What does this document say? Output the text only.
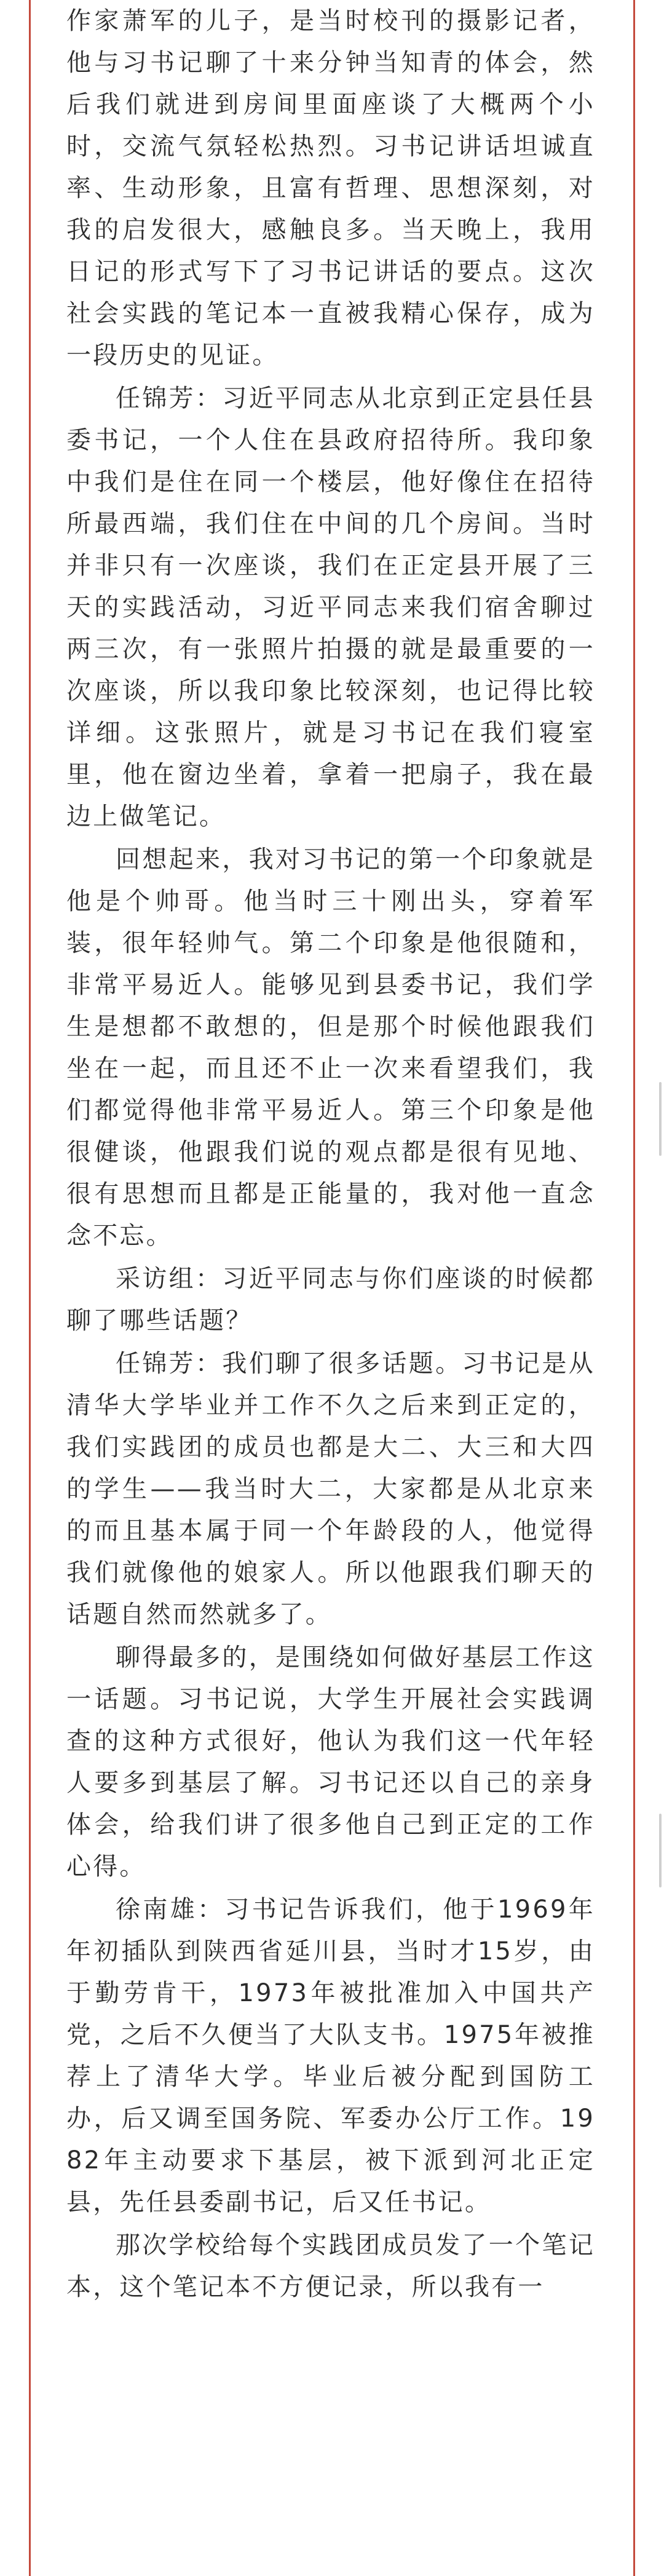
作家萧军的儿子，是当时校刊的摄影记者，他与习书记聊了十来分钟当知青的体会，然后我们就进到房间里面座谈了大概两个小时，交流气氛轻松热烈。习书记讲话坦诚直率、生动形象，且富有哲理、思想深刻，对我的启发很大，感触良多。当天晚上，我用日记的形式写下了习书记讲话的要点。这次社会实践的笔记本一直被我精心保存，成为一段历史的见证。

任锦芳：习近平同志从北京到正定县任县委书记，一个人住在县政府招待所。我印象中我们是住在同一个楼层，他好像住在招待所最西端，我们住在中间的几个房间。当时并非只有一次座谈，我们在正定县开展了三天的实践活动，习近平同志来我们宿舍聊过两三次，有一张照片拍摄的就是最重要的一次座谈，所以我印象比较深刻，也记得比较详细。这张照片，就是习书记在我们寝室里，他在窗边坐着，拿着一把扇子，我在最边上做笔记。

回想起来，我对习书记的第一个印象就是他是个帅哥。他当时三十刚出头，穿着军装，很年轻帅气。第二个印象是他很随和，非常平易近人。能够见到县委书记，我们学生是想都不敢想的，但是那个时候他跟我们坐在一起，而且还不止一次来看望我们，我们都觉得他非常平易近人。第三个印象是他很健谈，他跟我们说的观点都是很有见地、很有思想而且都是正能量的，我对他一直念念不忘。

采访组：习近平同志与你们座谈的时候都聊了哪些话题？

任锦芳：我们聊了很多话题。习书记是从清华大学毕业并工作不久之后来到正定的，我们实践团的成员也都是大二、大三和大四的学生——我当时大二，大家都是从北京来的而且基本属于同一个年龄段的人，他觉得我们就像他的娘家人。所以他跟我们聊天的话题自然而然就多了。

聊得最多的，是围绕如何做好基层工作这一话题。习书记说，大学生开展社会实践调查的这种方式很好，他认为我们这一代年轻人要多到基层了解。习书记还以自己的亲身体会，给我们讲了很多他自己到正定的工作心得。

徐南雄：习书记告诉我们，他于1969年年初插队到陕西省延川县，当时才15岁，由于勤劳肯干，1973年被批准加入中国共产党，之后不久便当了大队支书。1975年被推荐上了清华大学。毕业后被分配到国防工办，后又调至国务院、军委办公厅工作。1982年主动要求下基层，被下派到河北正定县，先任县委副书记，后又任书记。

那次学校给每个实践团成员发了一个笔记本，这个笔记本不方便记录，所以我有一
